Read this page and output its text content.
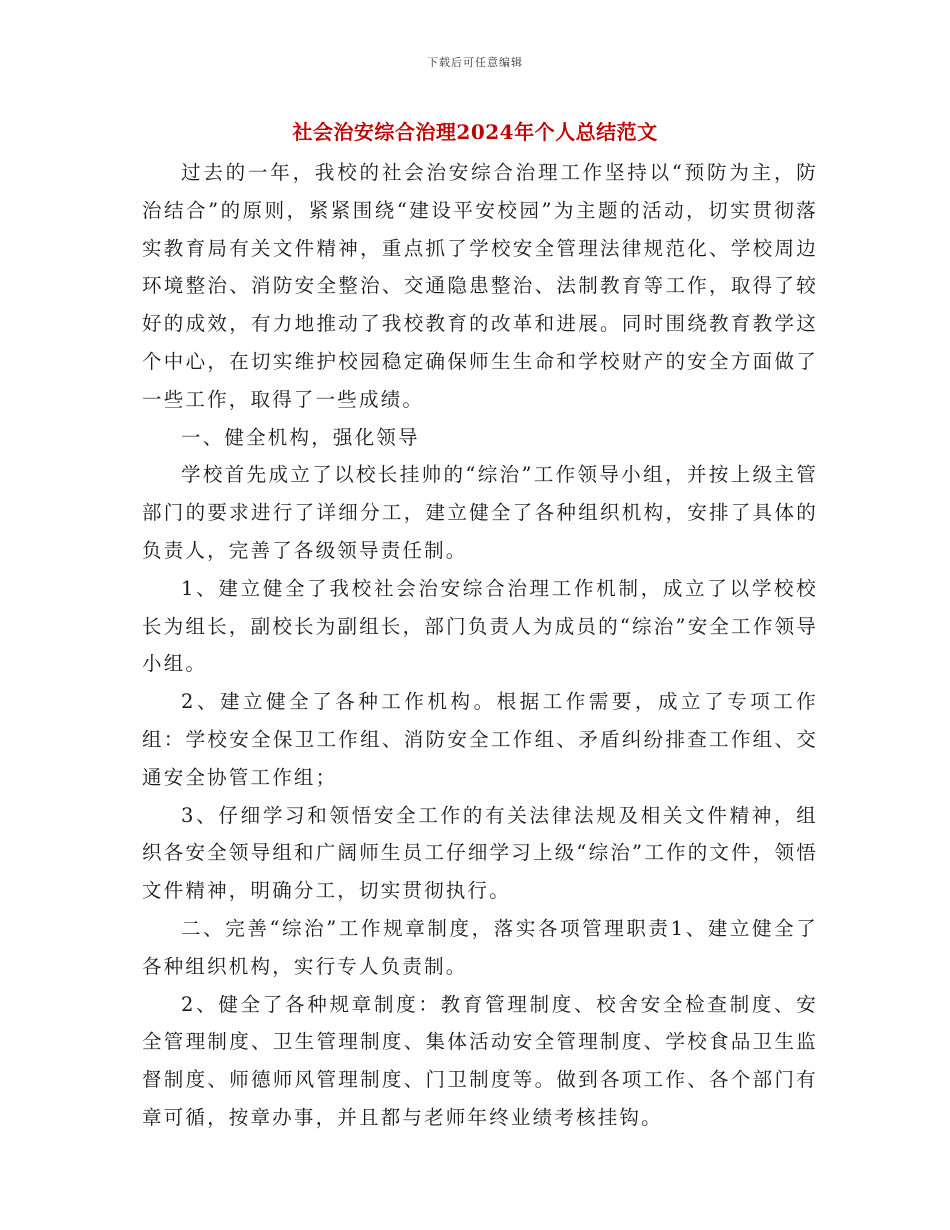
下载后可任意编辑
社会治安综合治理2024年个人总结范文

过去的一年，我校的社会治安综合治理工作坚持以“预防为主，防治结合”的原则，紧紧围绕“建设平安校园”为主题的活动，切实贯彻落实教育局有关文件精神，重点抓了学校安全管理法律规范化、学校周边环境整治、消防安全整治、交通隐患整治、法制教育等工作，取得了较好的成效，有力地推动了我校教育的改革和进展。同时围绕教育教学这个中心，在切实维护校园稳定确保师生生命和学校财产的安全方面做了一些工作，取得了一些成绩。

一、健全机构，强化领导

学校首先成立了以校长挂帅的“综治”工作领导小组，并按上级主管部门的要求进行了详细分工，建立健全了各种组织机构，安排了具体的负责人，完善了各级领导责任制。

1、建立健全了我校社会治安综合治理工作机制，成立了以学校校长为组长，副校长为副组长，部门负责人为成员的“综治”安全工作领导小组。

2、建立健全了各种工作机构。根据工作需要，成立了专项工作组：学校安全保卫工作组、消防安全工作组、矛盾纠纷排查工作组、交通安全协管工作组；

3、仔细学习和领悟安全工作的有关法律法规及相关文件精神，组织各安全领导组和广阔师生员工仔细学习上级“综治”工作的文件，领悟文件精神，明确分工，切实贯彻执行。

二、完善“综治”工作规章制度，落实各项管理职责1、建立健全了各种组织机构，实行专人负责制。

2、健全了各种规章制度：教育管理制度、校舍安全检查制度、安全管理制度、卫生管理制度、集体活动安全管理制度、学校食品卫生监督制度、师德师风管理制度、门卫制度等。做到各项工作、各个部门有章可循，按章办事，并且都与老师年终业绩考核挂钩。
